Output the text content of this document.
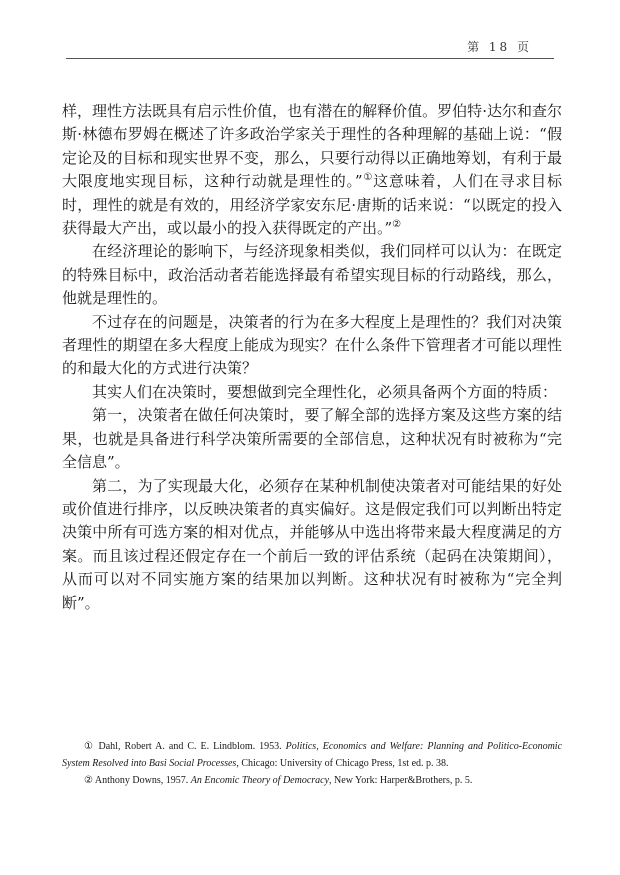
第 18 页

样，理性方法既具有启示性价值，也有潜在的解释价值。罗伯特·达尔和查尔斯·林德布罗姆在概述了许多政治学家关于理性的各种理解的基础上说：“假定论及的目标和现实世界不变，那么，只要行动得以正确地筹划，有利于最大限度地实现目标，这种行动就是理性的。”①这意味着，人们在寻求目标时，理性的就是有效的，用经济学家安东尼·唐斯的话来说：“以既定的投入获得最大产出，或以最小的投入获得既定的产出。”②

在经济理论的影响下，与经济现象相类似，我们同样可以认为：在既定的特殊目标中，政治活动者若能选择最有希望实现目标的行动路线，那么，他就是理性的。

不过存在的问题是，决策者的行为在多大程度上是理性的？我们对决策者理性的期望在多大程度上能成为现实？在什么条件下管理者才可能以理性的和最大化的方式进行决策？

其实人们在决策时，要想做到完全理性化，必须具备两个方面的特质：

第一，决策者在做任何决策时，要了解全部的选择方案及这些方案的结果，也就是具备进行科学决策所需要的全部信息，这种状况有时被称为“完全信息”。

第二，为了实现最大化，必须存在某种机制使决策者对可能结果的好处或价值进行排序，以反映决策者的真实偏好。这是假定我们可以判断出特定决策中所有可选方案的相对优点，并能够从中选出将带来最大程度满足的方案。而且该过程还假定存在一个前后一致的评估系统（起码在决策期间），从而可以对不同实施方案的结果加以判断。这种状况有时被称为“完全判断”。

① Dahl, Robert A. and C. E. Lindblom. 1953. Politics, Economics and Welfare: Planning and Politico-Economic System Resolved into Basi Social Processes, Chicago: University of Chicago Press, 1st ed. p. 38.

② Anthony Downs, 1957. An Encomic Theory of Democracy, New York: Harper&Brothers, p. 5.
